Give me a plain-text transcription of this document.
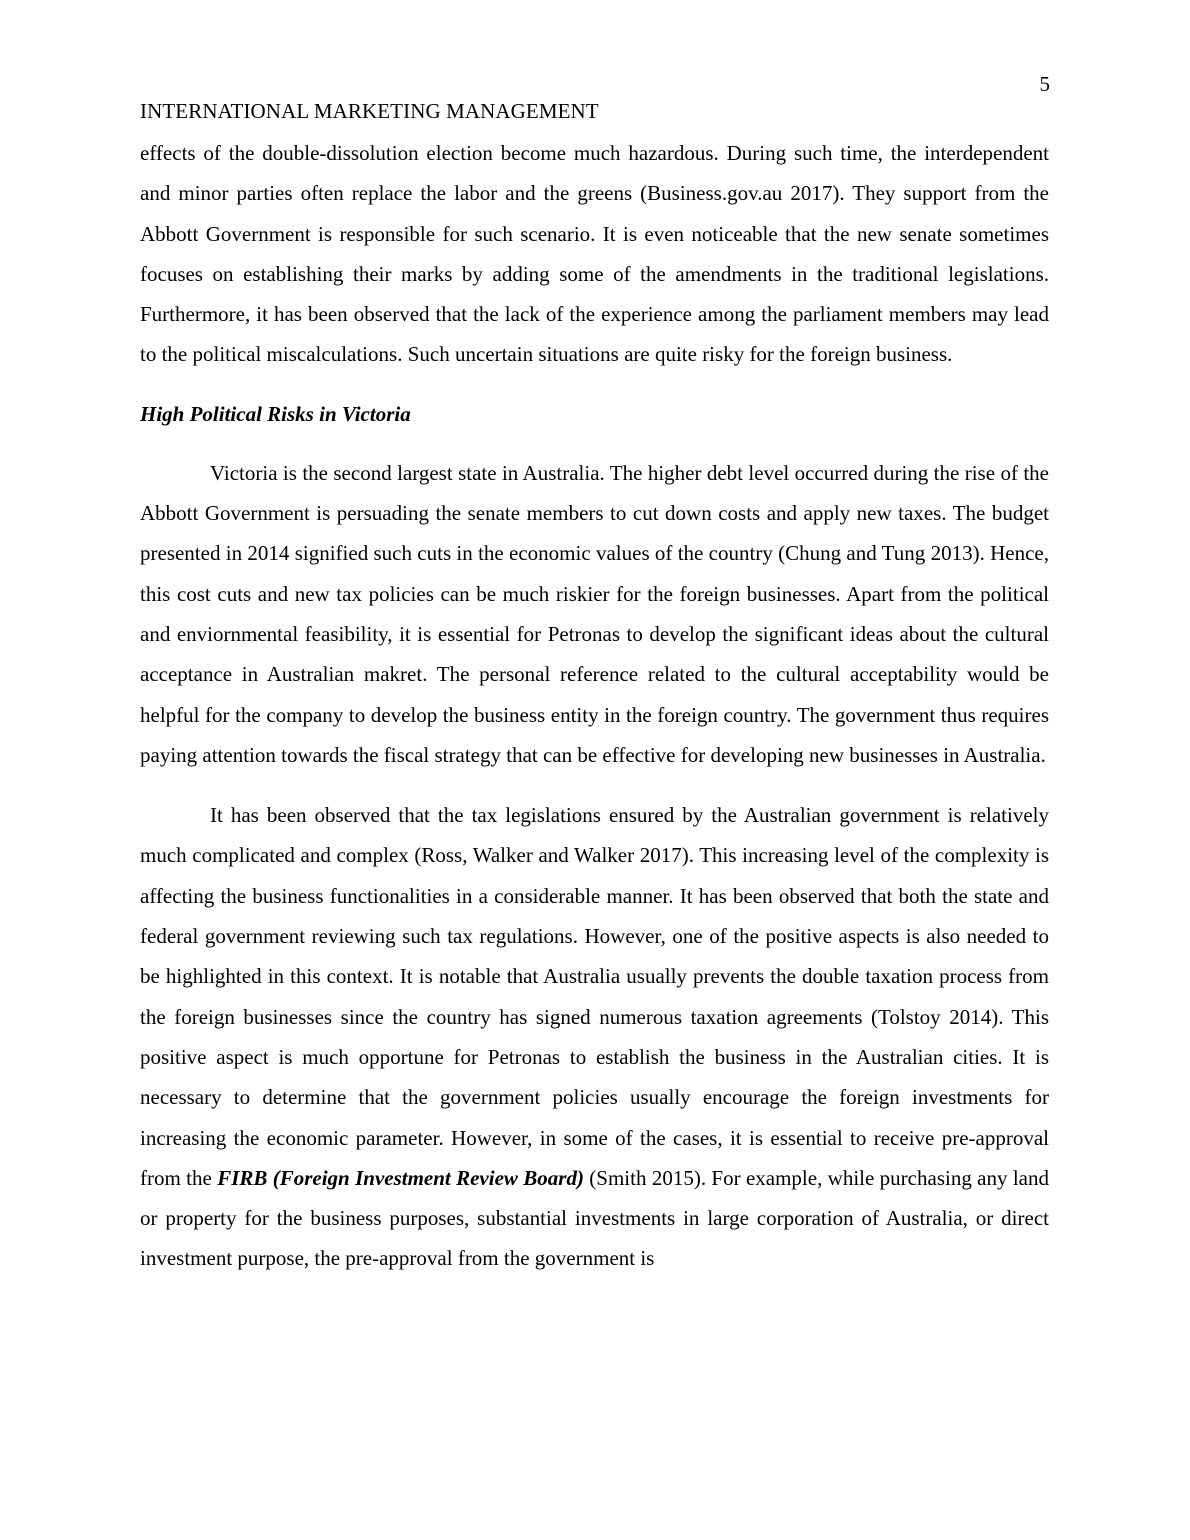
5
INTERNATIONAL MARKETING MANAGEMENT

effects of the double-dissolution election become much hazardous. During such time, the interdependent and minor parties often replace the labor and the greens (Business.gov.au 2017). They support from the Abbott Government is responsible for such scenario. It is even noticeable that the new senate sometimes focuses on establishing their marks by adding some of the amendments in the traditional legislations. Furthermore, it has been observed that the lack of the experience among the parliament members may lead to the political miscalculations. Such uncertain situations are quite risky for the foreign business.

High Political Risks in Victoria

Victoria is the second largest state in Australia. The higher debt level occurred during the rise of the Abbott Government is persuading the senate members to cut down costs and apply new taxes. The budget presented in 2014 signified such cuts in the economic values of the country (Chung and Tung 2013). Hence, this cost cuts and new tax policies can be much riskier for the foreign businesses. Apart from the political and enviornmental feasibility, it is essential for Petronas to develop the significant ideas about the cultural acceptance in Australian makret. The personal reference related to the cultural acceptability would be helpful for the company to develop the business entity in the foreign country. The government thus requires paying attention towards the fiscal strategy that can be effective for developing new businesses in Australia.

It has been observed that the tax legislations ensured by the Australian government is relatively much complicated and complex (Ross, Walker and Walker 2017). This increasing level of the complexity is affecting the business functionalities in a considerable manner. It has been observed that both the state and federal government reviewing such tax regulations. However, one of the positive aspects is also needed to be highlighted in this context. It is notable that Australia usually prevents the double taxation process from the foreign businesses since the country has signed numerous taxation agreements (Tolstoy 2014). This positive aspect is much opportune for Petronas to establish the business in the Australian cities. It is necessary to determine that the government policies usually encourage the foreign investments for increasing the economic parameter. However, in some of the cases, it is essential to receive pre-approval from the FIRB (Foreign Investment Review Board) (Smith 2015). For example, while purchasing any land or property for the business purposes, substantial investments in large corporation of Australia, or direct investment purpose, the pre-approval from the government is
